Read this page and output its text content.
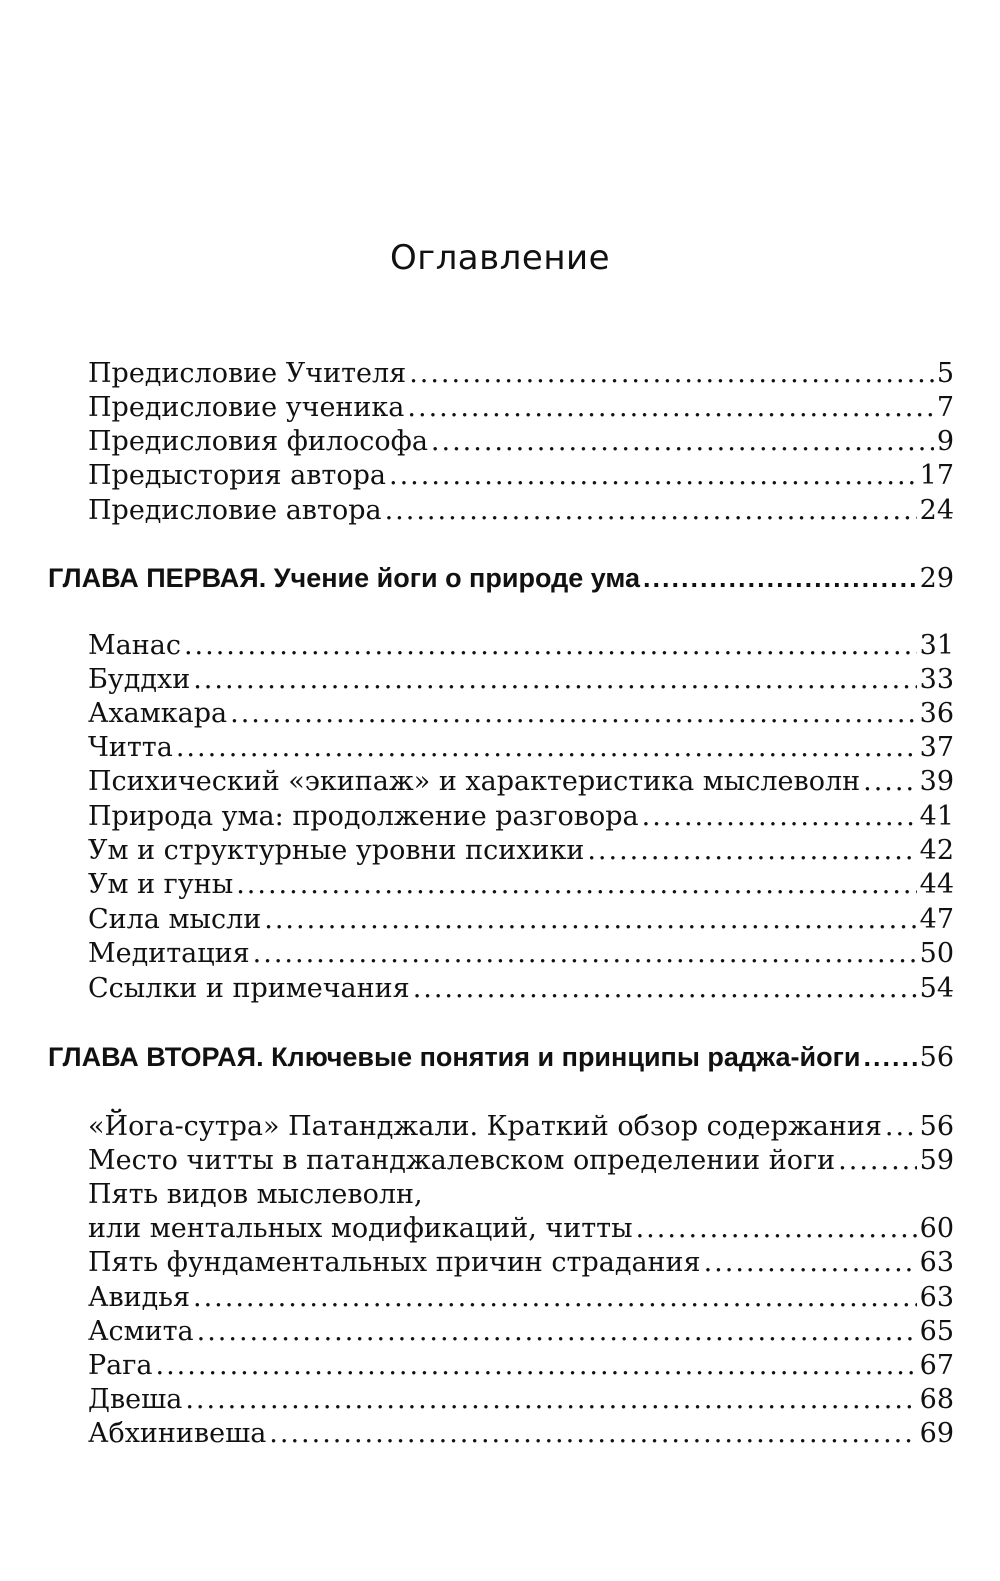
Оглавление
Предисловие Учителя .....	5
Предисловие ученика .....	7
Предисловия философа .....	9
Предыстория автора .....	17
Предисловие автора .....	24
ГЛАВА ПЕРВАЯ. Учение йоги о природе ума .....	29
Манас .....	31
Буддхи .....	33
Ахамкара .....	36
Читта .....	37
Психический «экипаж» и характеристика мыслеволн ..... 39
Природа ума: продолжение разговора .....	41
Ум и структурные уровни психики .....	42
Ум и гуны .....	44
Сила мысли .....	47
Медитация .....	50
Ссылки и примечания .....	54
ГЛАВА ВТОРАЯ. Ключевые понятия и принципы раджа-йоги ..... 56
«Йога-сутра» Патанджали. Краткий обзор содержания ..... 56
Место читты в патанджалевском определении йоги .....	59
Пять видов мыслеволн,
или ментальных модификаций, читты .....	60
Пять фундаментальных причин страдания .....	63
Авидья .....	63
Асмита .....	65
Рага .....	67
Двеша .....	68
Абхинивеша .....	69
